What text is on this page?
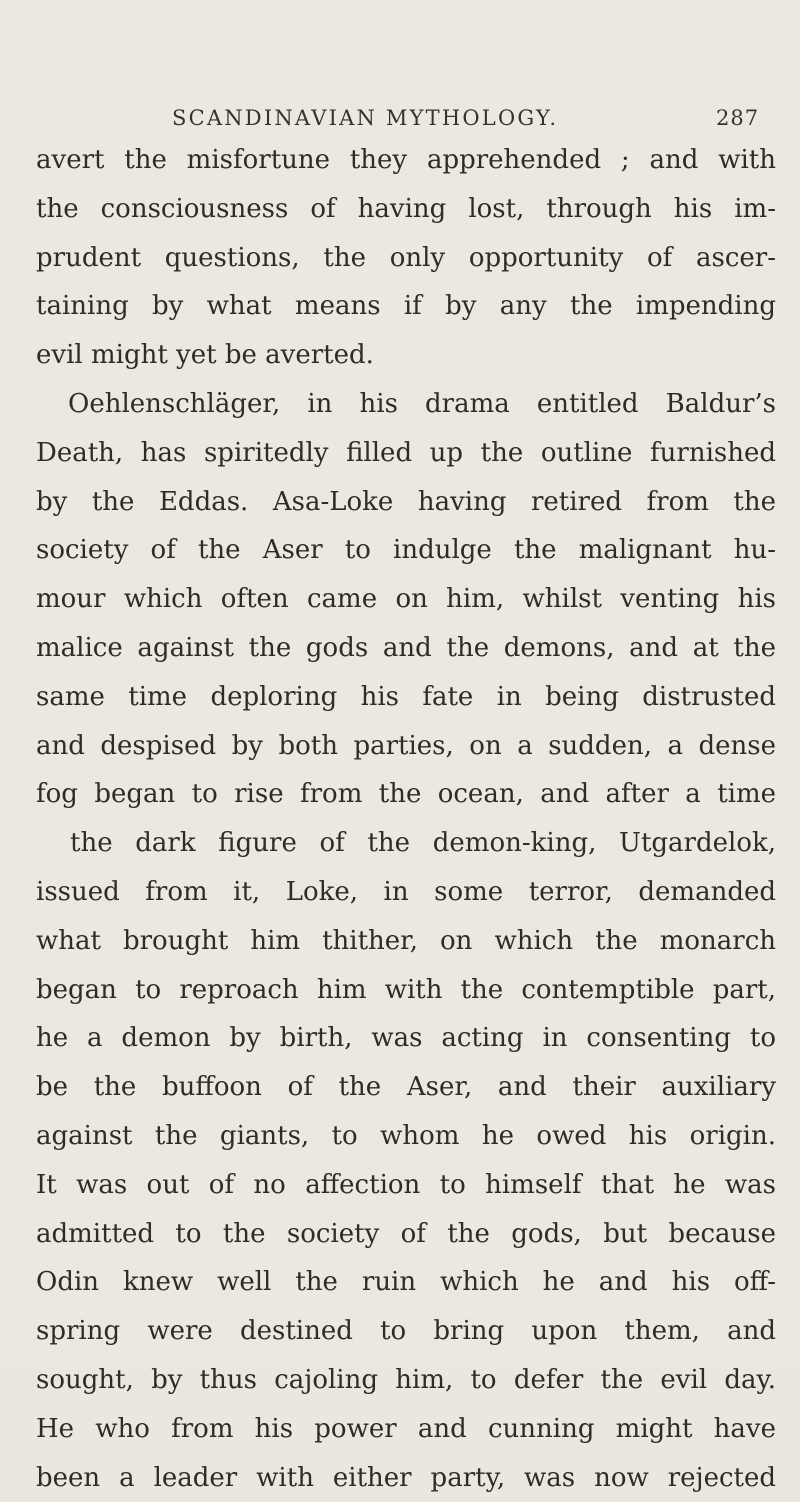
SCANDINAVIAN MYTHOLOGY.	287
avert the misfortune they apprehended ; and with
the consciousness of having lost, through his im-
prudent questions, the only opportunity of ascer-
taining by what means if by any the impending
evil might yet be averted.
Oehlenschläger, in his drama entitled Baldur’s
Death, has spiritedly filled up the outline furnished
by the Eddas. Asa-Loke having retired from the
society of the Aser to indulge the malignant hu-
mour which often came on him, whilst venting his
malice against the gods and the demons, and at the
same time deploring his fate in being distrusted
and despised by both parties, on a sudden, a dense
fog began to rise from the ocean, and after a time
the dark figure of the demon-king, Utgardelok,
issued from it, Loke, in some terror, demanded
what brought him thither, on which the monarch
began to reproach him with the contemptible part,
he a demon by birth, was acting in consenting to
be the buffoon of the Aser, and their auxiliary
against the giants, to whom he owed his origin.
It was out of no affection to himself that he was
admitted to the society of the gods, but because
Odin knew well the ruin which he and his off-
spring were destined to bring upon them, and
sought, by thus cajoling him, to defer the evil day.
He who from his power and cunning might have
been a leader with either party, was now rejected
